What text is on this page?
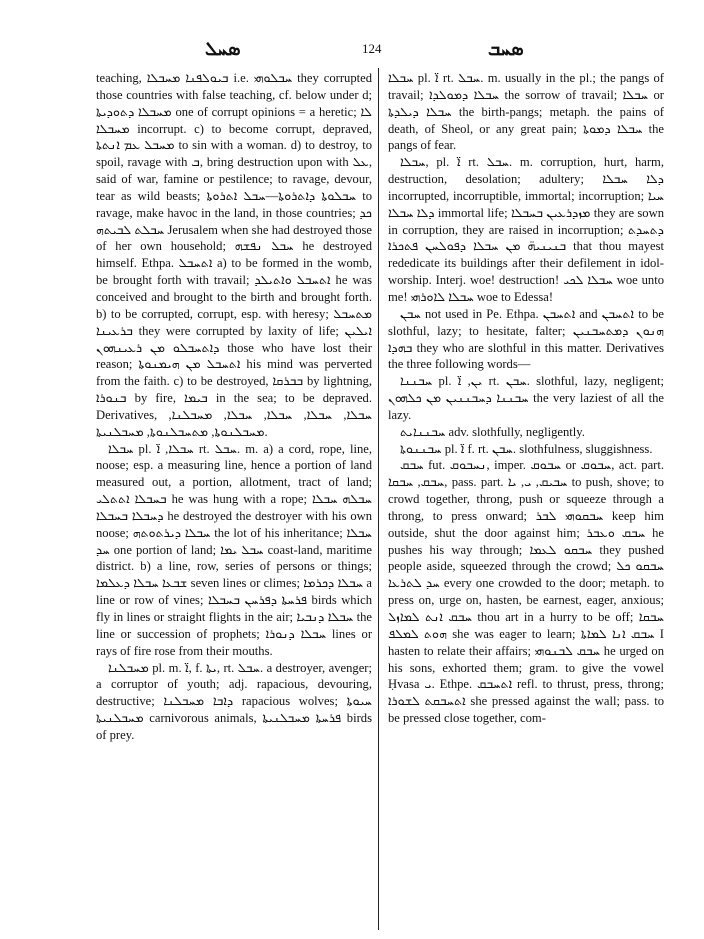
ܣܚܠ	124	ܣܚܒ

teaching, ܒܝܘܠܦܢܐ ܡܚܒܠܐ i.e. ܚܒܠܘܗܝ they corrupted those countries with false teaching, cf. below under d; ܡܚܒܠܐ ܕܬܘܕܝܬܐ one of corrupt opinions = a heretic; ܠܐ ܡܚܒܠܐ incorrupt. c) to become corrupt, depraved, ܡܚܒܠ ܥܡ ܐܢܬܬܐ to sin with a woman. d) to destroy, to spoil, ravage with ܒ, bring destruction upon with ܥܠ, said of war, famine or pestilence; to ravage, devour, tear as wild beasts; ܚܒܠܘܬܐ ܕܐܬܪܘܬܐ—ܚܒܠ ܐܬܪܘܬܐ to ravage, make havoc in the land, in those countries; ܟܕ ܚܒܠܬ ܠܒܝܬܗ Jerusalem when she had destroyed those of her own household; ܚܒܠ ܢܦܫܗ he destroyed himself. Ethpa. ܐܬܚܒܠ a) to be formed in the womb, be brought forth with travail; ܐܬܚܒܠ ܘܐܬܝܠܕ he was conceived and brought to the birth and brought forth. b) to be corrupted, corrupt, esp. with heresy; ܡܬܚܒܠ ܒܪܥܝܢܐ they were corrupted by laxity of life; ܐܝܠܝܢ ܕܐܬܚܒܠܘ ܡܢ ܪܥܝܢܗܘܢ those who have lost their reason; ܐܬܚܒܠ ܡܢ ܗܝܡܢܘܬܐ his mind was perverted from the faith. c) to be destroyed, ܒܒܪܩܐ by lightning, ܒܢܘܪܐ by fire, ܒܝܡܐ in the sea; to be depraved. Derivatives, ܚܒܠܐ, ܚܒܠܐ, ܚܒܠܐ, ܚܒܠܐ, ܡܚܒܠܢܐ, ܡܚܒܠܢܘܬܐ, ܡܬܚܒܠܢܘܬܐ, ܡܚܒܠܢܝܬܐ.

ܚܒܠܐ pl. ܚܒܠܐ, ܐ̈ rt. ܚܒܠ. m. a) a cord, rope, line, noose; esp. a measuring line, hence a portion of land measured out, a portion, allotment, tract of land; ܒܚܒܠܐ ܐܬܬܠܝ he was hung with a rope; ܚܒܠܗ ܚܒܠܐ ܕܚܒܠܐ ܒܚܒܠܐ he destroyed the destroyer with his own noose; ܚܒܠܐ ܕܝܪܬܘܬܗ the lot of his inheritance; ܚܒܠܐ ܚܕ one portion of land; ܚܒܠ ܝܡܐ coast-land, maritime district. b) a line, row, series of persons or things; ܫܒܥܐ ܚܒܠܐ ܕܥܠܡܐ seven lines or climes; ܚܒܠܐ ܕܟܪܡܐ a line or row of vines; ܦܪܚܬܐ ܕܦܪܚܢ ܒܚܒܠܐ birds which fly in lines or straight flights in the air; ܚܒܠܐ ܕܢܒܝܐ the line or succession of prophets; ܚܒܠܐ ܕܢܘܪܐ lines or rays of fire rose from their mouths.

ܡܚܒܠܢܐ pl. m. ܐ̈, f. ܝܬܐ, rt. ܚܒܠ. a destroyer, avenger; a corruptor of youth; adj. rapacious, devouring, destructive; ܕܐܒܐ ܡܚܒܠܢܐ rapacious wolves; ܚܝܘܬܐ ܡܚܒܠܢܝܬܐ carnivorous animals, ܦܪܚܬܐ ܡܚܒܠܢܝܬܐ birds of prey.

ܚܒܠܐ pl. ܐ̈ rt. ܚܒܠ. m. usually in the pl.; the pangs of travail; ܚܒܠܐ ܕܡܘܠܕܐ the sorrow of travail; ܚܒܠܐ or ܚܒܠܐ ܕܝܠܕܬܐ the birth-pangs; metaph. the pains of death, of Sheol, or any great pain; ܚܒܠܐ ܕܡܘܬܐ the pangs of fear.

ܚܒܠܐ, pl. ܐ̈ rt. ܚܒܠ. m. corruption, hurt, harm, destruction, desolation; adultery; ܕܠܐ ܚܒܠܐ incorrupted, incorruptible, immortal; incorruption; ܚܝܐ ܕܠܐ ܚܒܠܐ immortal life; ܡܙܕܪܥܝܢ ܒܚܒܠܐ they are sown in corruption, they are raised in incorruption; ܕܬܚܕܬ ܒܢܝܢܝܗ̈ ܡܢ ܚܒܠܐ ܕܦܘܠܚܢ ܦܬܟܪܐ that thou mayest rededicate its buildings after their defilement in idol-worship. Interj. woe! destruction! ܚܒܠܐ ܠܟܝ woe unto me! ܚܒܠܐ ܠܐܘܪܗܝ woe to Edessa!

ܚܒܢ not used in Pe. Ethpa. ܐܬܚܒܢ and ܐܬܚܒܢ to be slothful, lazy; to hesitate, falter; ܗܢܘܢ ܕܡܬܚܒܢܝܢ ܒܗܕܐ they who are slothful in this matter. Derivatives the three following words—

ܚܒܢܢܐ pl. ܝܢ, ܐ̈ rt. ܚܒܢ. slothful, lazy, negligent; ܚܒܢܢܐ ܕܚܒܢܢܝܢ ܡܢ ܟܠܗܘܢ the very laziest of all the lazy.

ܚܒܢܢܐܝܬ adv. slothfully, negligently.

ܚܒܢܢܘܬܐ pl. ܐ̈ f. rt. ܚܒܢ. slothfulness, sluggishness.

ܚܒܩ fut. ܢܚܒܘܩ, imper. ܚܒܘܩ or ܚܒܘܩ, act. part. ܚܒܩ, ܚܒܩܐ, pass. part. ܚܒܝܩ, ܝ, ܝܐ to push, shove; to crowd together, throng, push or squeeze through a throng, to press onward; ܚܒܩܘܗܝ ܠܒܪ keep him outside, shut the door against him; ܚܒܩ ܘܥܒܪ he pushes his way through; ܚܒܩܘ ܠܥܡܐ they pushed people aside, squeezed through the crowd; ܚܒܩܘ ܟܠ ܚܕ ܠܬܪܥܐ every one crowded to the door; metaph. to press on, urge on, hasten, be earnest, eager, anxious; ܚܒܩ ܐܢܬ ܠܡܐܙܠ thou art in a hurry to be off; ܚܒܩܐ ܗܘܬ ܠܡܠܦ she was eager to learn; ܚܒܩ ܐܢܐ ܠܡܐܬܐ I hasten to relate their affairs; ܚܒܩ ܠܒܢܘܗܝ he urged on his sons, exhorted them; gram. to give the vowel Ḥvasa ܝ. Ethpe. ܐܬܚܒܩ refl. to thrust, press, throng; ܐܬܚܒܩܬ ܠܫܘܪܐ she pressed against the wall; pass. to be pressed close together, com-
